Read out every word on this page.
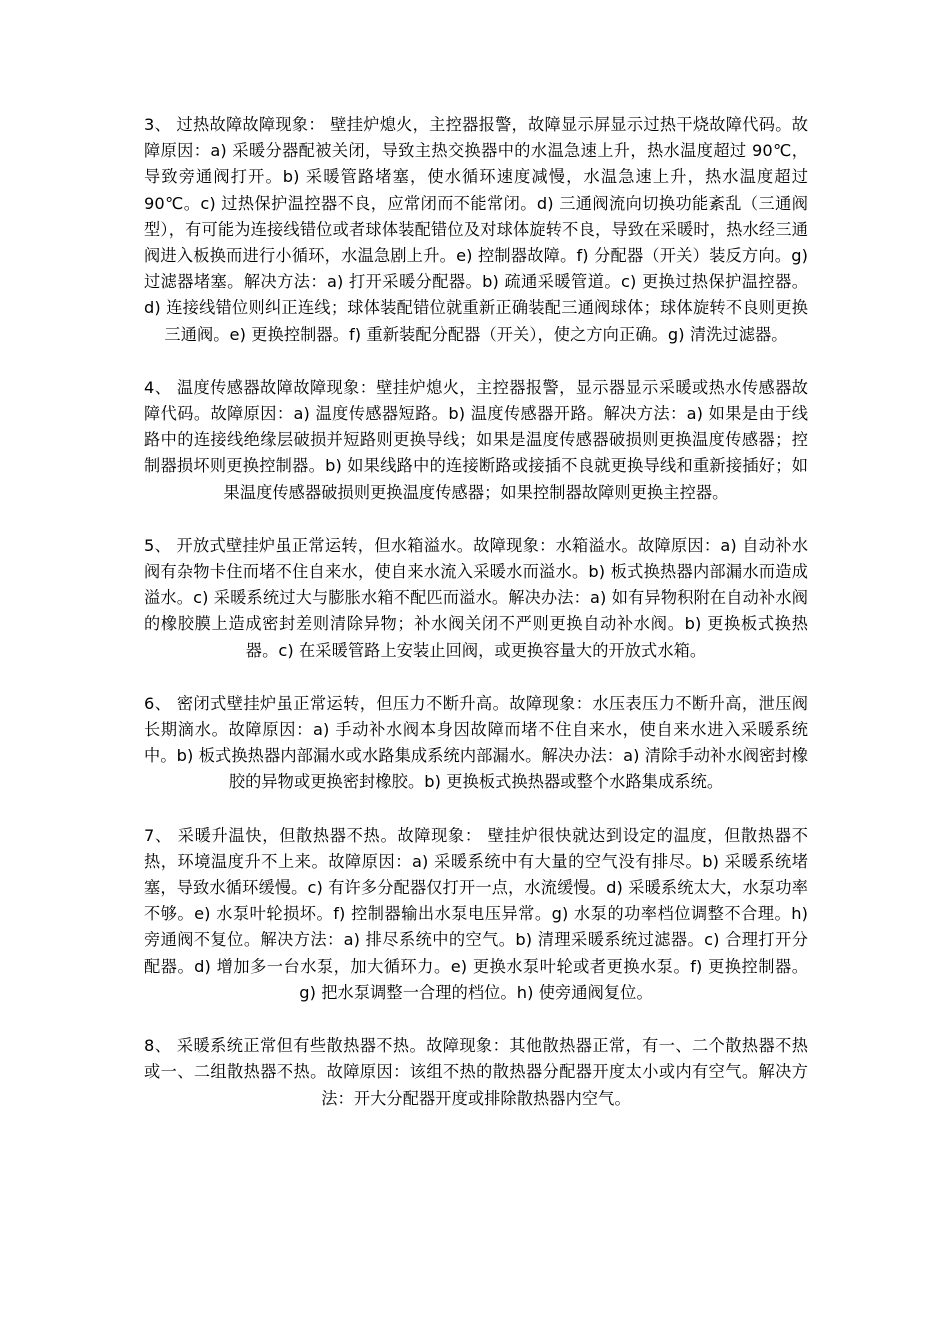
3、 过热故障故障现象： 壁挂炉熄火，主控器报警，故障显示屏显示过热干烧故障代码。故障原因：a) 采暖分器配被关闭，导致主热交换器中的水温急速上升，热水温度超过 90℃，导致旁通阀打开。b) 采暖管路堵塞，使水循环速度减慢，水温急速上升，热水温度超过 90℃。c) 过热保护温控器不良，应常闭而不能常闭。d) 三通阀流向切换功能紊乱（三通阀型），有可能为连接线错位或者球体装配错位及对球体旋转不良，导致在采暖时，热水经三通阀进入板换而进行小循环，水温急剧上升。e) 控制器故障。f) 分配器（开关）装反方向。g) 过滤器堵塞。解决方法：a) 打开采暖分配器。b) 疏通采暖管道。c) 更换过热保护温控器。d) 连接线错位则纠正连线；球体装配错位就重新正确装配三通阀球体；球体旋转不良则更换三通阀。e) 更换控制器。f) 重新装配分配器（开关），使之方向正确。g) 清洗过滤器。

4、 温度传感器故障故障现象：壁挂炉熄火，主控器报警，显示器显示采暖或热水传感器故障代码。故障原因：a) 温度传感器短路。b) 温度传感器开路。解决方法：a) 如果是由于线路中的连接线绝缘层破损并短路则更换导线；如果是温度传感器破损则更换温度传感器；控制器损坏则更换控制器。b) 如果线路中的连接断路或接插不良就更换导线和重新接插好；如果温度传感器破损则更换温度传感器；如果控制器故障则更换主控器。

5、 开放式壁挂炉虽正常运转，但水箱溢水。故障现象：水箱溢水。故障原因：a) 自动补水阀有杂物卡住而堵不住自来水，使自来水流入采暖水而溢水。b) 板式换热器内部漏水而造成溢水。c) 采暖系统过大与膨胀水箱不配匹而溢水。解决办法：a) 如有异物积附在自动补水阀的橡胶膜上造成密封差则清除异物；补水阀关闭不严则更换自动补水阀。b) 更换板式换热器。c) 在采暖管路上安装止回阀，或更换容量大的开放式水箱。

6、 密闭式壁挂炉虽正常运转，但压力不断升高。故障现象：水压表压力不断升高，泄压阀长期滴水。故障原因：a) 手动补水阀本身因故障而堵不住自来水，使自来水进入采暖系统中。b) 板式换热器内部漏水或水路集成系统内部漏水。解决办法：a) 清除手动补水阀密封橡胶的异物或更换密封橡胶。b) 更换板式换热器或整个水路集成系统。

7、 采暖升温快，但散热器不热。故障现象： 壁挂炉很快就达到设定的温度，但散热器不热，环境温度升不上来。故障原因：a) 采暖系统中有大量的空气没有排尽。b) 采暖系统堵塞，导致水循环缓慢。c) 有许多分配器仅打开一点，水流缓慢。d) 采暖系统太大，水泵功率不够。e) 水泵叶轮损坏。f) 控制器输出水泵电压异常。g) 水泵的功率档位调整不合理。h) 旁通阀不复位。解决方法：a) 排尽系统中的空气。b) 清理采暖系统过滤器。c) 合理打开分配器。d) 增加多一台水泵，加大循环力。e) 更换水泵叶轮或者更换水泵。f) 更换控制器。g) 把水泵调整一合理的档位。h) 使旁通阀复位。

8、 采暖系统正常但有些散热器不热。故障现象：其他散热器正常，有一、二个散热器不热或一、二组散热器不热。故障原因：该组不热的散热器分配器开度太小或内有空气。解决方法：开大分配器开度或排除散热器内空气。
